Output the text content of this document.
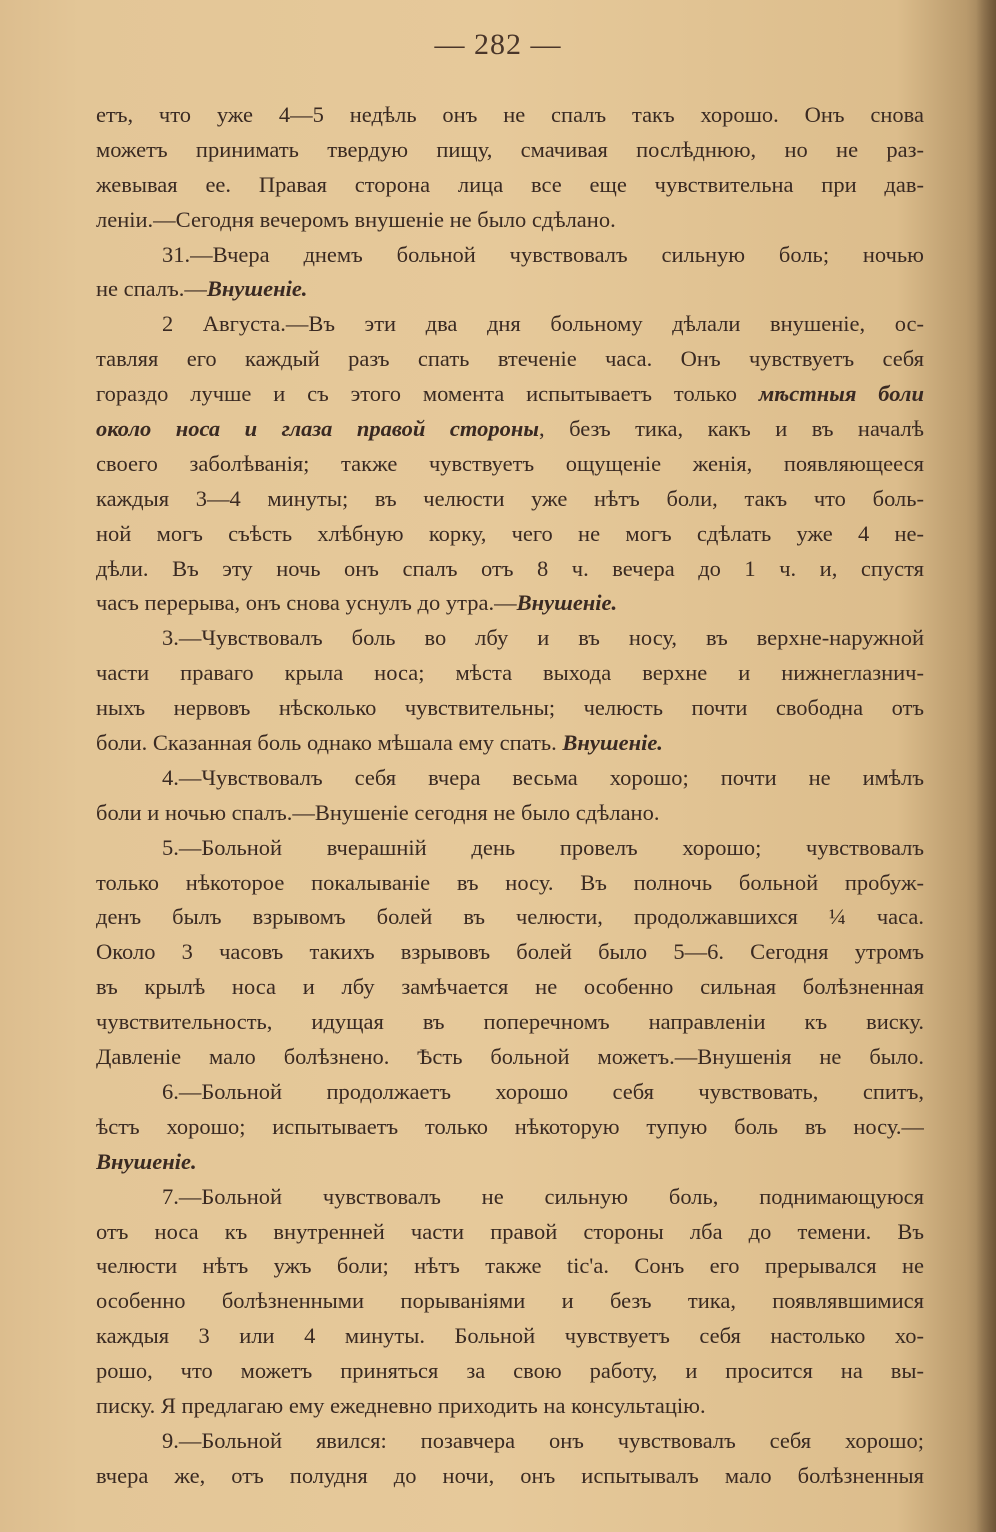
— 282 —
етъ, что уже 4—5 недѣль онъ не спалъ такъ хорошо. Онъ снова
можетъ принимать твердую пищу, смачивая послѣднюю, но не раз-
жевывая ее. Правая сторона лица все еще чувствительна при дав-
леніи.—Сегодня вечеромъ внушеніе не было сдѣлано.
31.—Вчера днемъ больной чувствовалъ сильную боль; ночью
не спалъ.—Внушеніе.
2 Августа.—Въ эти два дня больному дѣлали внушеніе, ос-
тавляя его каждый разъ спать втеченіе часа. Онъ чувствуетъ себя
гораздо лучше и съ этого момента испытываетъ только мѣстныя боли
около носа и глаза правой стороны, безъ тика, какъ и въ началѣ
своего заболѣванія; также чувствуетъ ощущеніе женія, появляющееся
каждыя 3—4 минуты; въ челюсти уже нѣтъ боли, такъ что боль-
ной могъ съѣсть хлѣбную корку, чего не могъ сдѣлать уже 4 не-
дѣли. Въ эту ночь онъ спалъ отъ 8 ч. вечера до 1 ч. и, спустя
часъ перерыва, онъ снова уснулъ до утра.—Внушеніе.
3.—Чувствовалъ боль во лбу и въ носу, въ верхне-наружной
части праваго крыла носа; мѣста выхода верхне и нижнеглазнич-
ныхъ нервовъ нѣсколько чувствительны; челюсть почти свободна отъ
боли. Сказанная боль однако мѣшала ему спать. Внушеніе.
4.—Чувствовалъ себя вчера весьма хорошо; почти не имѣлъ
боли и ночью спалъ.—Внушеніе сегодня не было сдѣлано.
5.—Больной вчерашній день провелъ хорошо; чувствовалъ
только нѣкоторое покалываніе въ носу. Въ полночь больной пробуж-
денъ былъ взрывомъ болей въ челюсти, продолжавшихся ¼ часа.
Около 3 часовъ такихъ взрывовъ болей было 5—6. Сегодня утромъ
въ крылѣ носа и лбу замѣчается не особенно сильная болѣзненная
чувствительность, идущая въ поперечномъ направленіи къ виску.
Давленіе мало болѣзнено. Ѣсть больной можетъ.—Внушенія не было.
6.—Больной продолжаетъ хорошо себя чувствовать, спитъ,
ѣстъ хорошо; испытываетъ только нѣкоторую тупую боль въ носу.—
Внушеніе.
7.—Больной чувствовалъ не сильную боль, поднимающуюся
отъ носа къ внутренней части правой стороны лба до темени. Въ
челюсти нѣтъ ужъ боли; нѣтъ также tic'а. Сонъ его прерывался не
особенно болѣзненными порываніями и безъ тика, появлявшимися
каждыя 3 или 4 минуты. Больной чувствуетъ себя настолько хо-
рошо, что можетъ приняться за свою работу, и просится на вы-
писку. Я предлагаю ему ежедневно приходить на консультацію.
9.—Больной явился: позавчера онъ чувствовалъ себя хорошо;
вчера же, отъ полудня до ночи, онъ испытывалъ мало болѣзненныя
